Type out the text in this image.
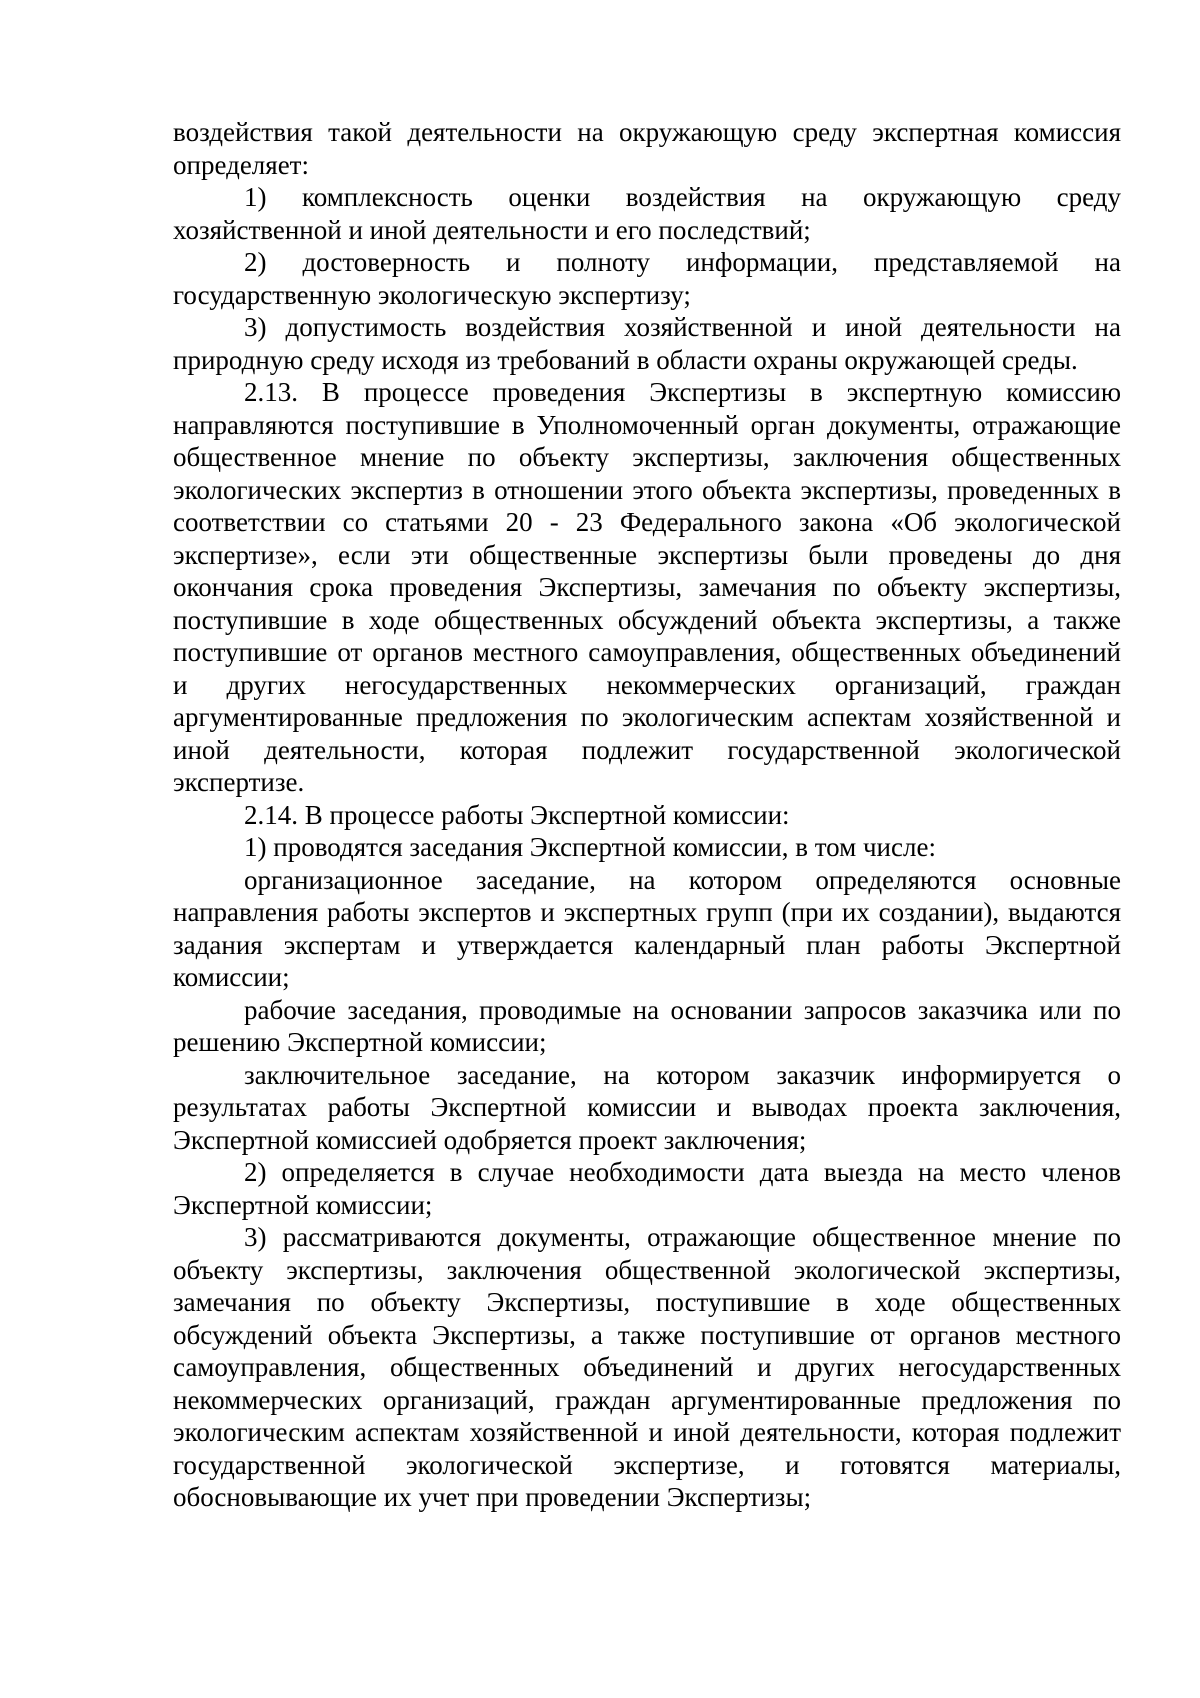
воздействия такой деятельности на окружающую среду экспертная комиссия определяет:

1) комплексность оценки воздействия на окружающую среду хозяйственной и иной деятельности и его последствий;

2) достоверность и полноту информации, представляемой на государственную экологическую экспертизу;

3) допустимость воздействия хозяйственной и иной деятельности на природную среду исходя из требований в области охраны окружающей среды.

2.13. В процессе проведения Экспертизы в экспертную комиссию направляются поступившие в Уполномоченный орган документы, отражающие общественное мнение по объекту экспертизы, заключения общественных экологических экспертиз в отношении этого объекта экспертизы, проведенных в соответствии со статьями 20 - 23 Федерального закона «Об экологической экспертизе», если эти общественные экспертизы были проведены до дня окончания срока проведения Экспертизы, замечания по объекту экспертизы, поступившие в ходе общественных обсуждений объекта экспертизы, а также поступившие от органов местного самоуправления, общественных объединений и других негосударственных некоммерческих организаций, граждан аргументированные предложения по экологическим аспектам хозяйственной и иной деятельности, которая подлежит государственной экологической экспертизе.

2.14. В процессе работы Экспертной комиссии:

1) проводятся заседания Экспертной комиссии, в том числе:

организационное заседание, на котором определяются основные направления работы экспертов и экспертных групп (при их создании), выдаются задания экспертам и утверждается календарный план работы Экспертной комиссии;

рабочие заседания, проводимые на основании запросов заказчика или по решению Экспертной комиссии;

заключительное заседание, на котором заказчик информируется о результатах работы Экспертной комиссии и выводах проекта заключения, Экспертной комиссией одобряется проект заключения;

2) определяется в случае необходимости дата выезда на место членов Экспертной комиссии;

3) рассматриваются документы, отражающие общественное мнение по объекту экспертизы, заключения общественной экологической экспертизы, замечания по объекту Экспертизы, поступившие в ходе общественных обсуждений объекта Экспертизы, а также поступившие от органов местного самоуправления, общественных объединений и других негосударственных некоммерческих организаций, граждан аргументированные предложения по экологическим аспектам хозяйственной и иной деятельности, которая подлежит государственной экологической экспертизе, и готовятся материалы, обосновывающие их учет при проведении Экспертизы;
